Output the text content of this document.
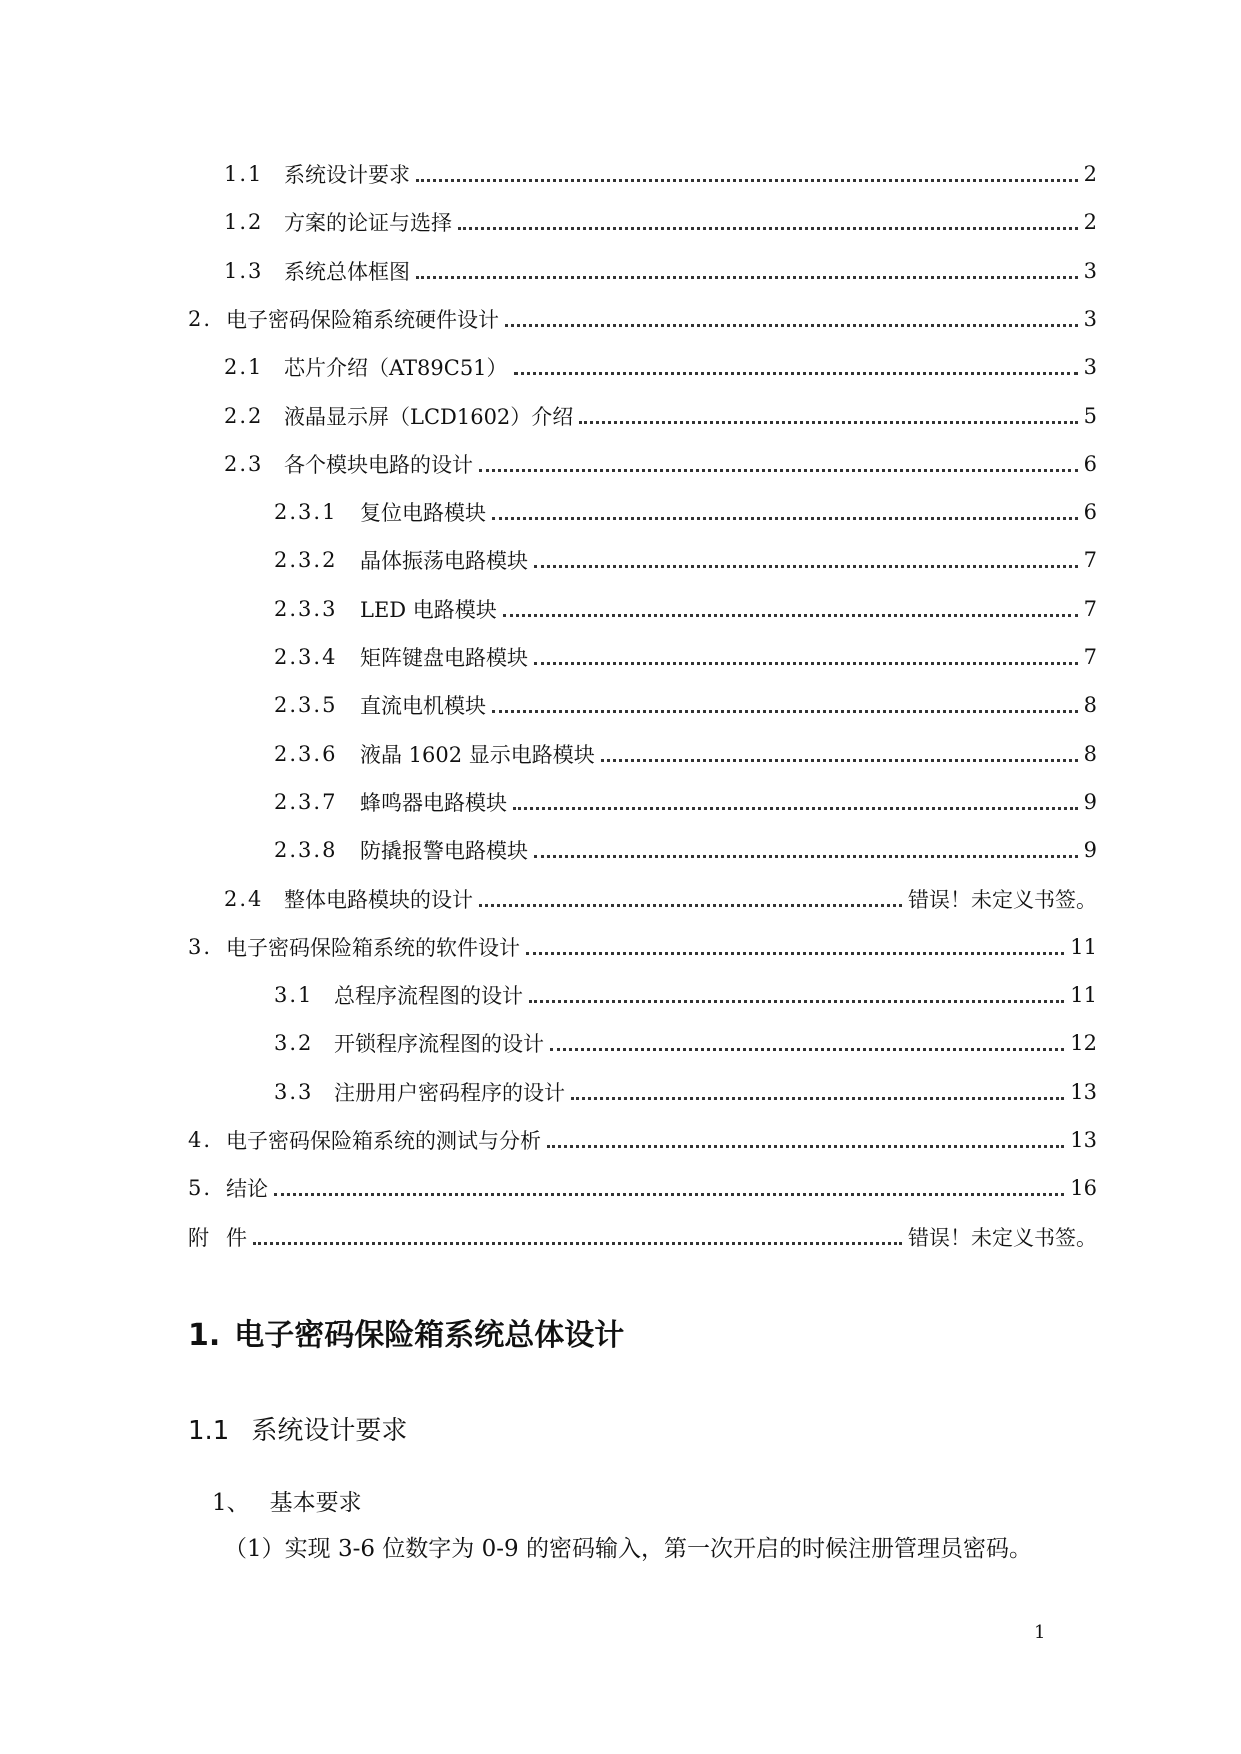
1.1 系统设计要求	2
1.2 方案的论证与选择	2
1.3 系统总体框图	3
2. 电子密码保险箱系统硬件设计	3
2.1 芯片介绍（AT89C51）	3
2.2 液晶显示屏（LCD1602）介绍	5
2.3 各个模块电路的设计	6
2.3.1 复位电路模块	6
2.3.2 晶体振荡电路模块	7
2.3.3 LED 电路模块	7
2.3.4 矩阵键盘电路模块	7
2.3.5 直流电机模块	8
2.3.6 液晶 1602 显示电路模块	8
2.3.7 蜂鸣器电路模块	9
2.3.8 防撬报警电路模块	9
2.4 整体电路模块的设计	错误！未定义书签。
3. 电子密码保险箱系统的软件设计	11
3.1 总程序流程图的设计	11
3.2 开锁程序流程图的设计	12
3.3 注册用户密码程序的设计	13
4. 电子密码保险箱系统的测试与分析	13
5. 结论	16
附 件	错误！未定义书签。
1. 电子密码保险箱系统总体设计
1.1 系统设计要求
1、 基本要求
（1）实现 3-6 位数字为 0-9 的密码输入，第一次开启的时候注册管理员密码。
1
